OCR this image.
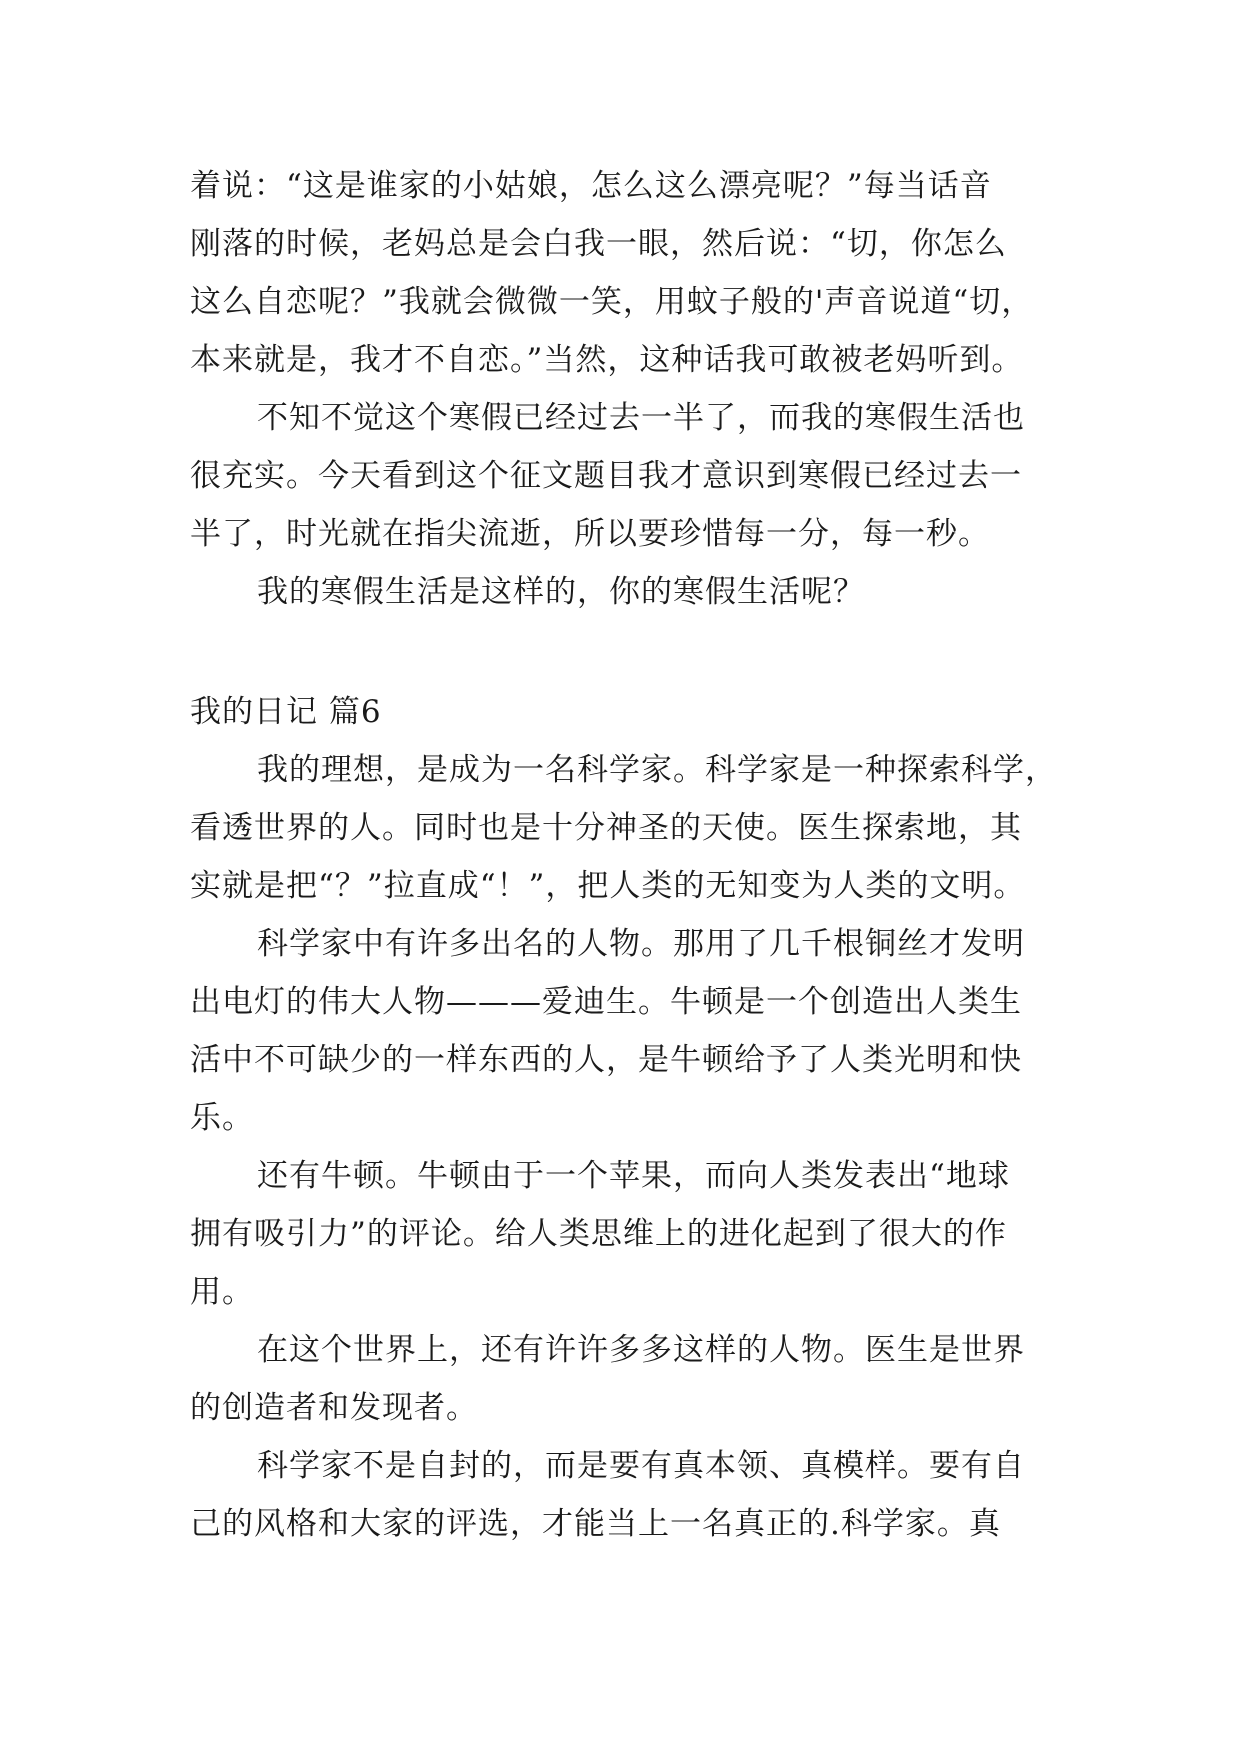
着说：“这是谁家的小姑娘，怎么这么漂亮呢？”每当话音
刚落的时候，老妈总是会白我一眼，然后说：“切，你怎么
这么自恋呢？”我就会微微一笑，用蚊子般的'声音说道“切，
本来就是，我才不自恋。”当然，这种话我可敢被老妈听到。
不知不觉这个寒假已经过去一半了，而我的寒假生活也
很充实。今天看到这个征文题目我才意识到寒假已经过去一
半了，时光就在指尖流逝，所以要珍惜每一分，每一秒。
我的寒假生活是这样的，你的寒假生活呢？
我的日记 篇6
我的理想，是成为一名科学家。科学家是一种探索科学，
看透世界的人。同时也是十分神圣的天使。医生探索地，其
实就是把“？”拉直成“！”，把人类的无知变为人类的文明。
科学家中有许多出名的人物。那用了几千根铜丝才发明
出电灯的伟大人物———爱迪生。牛顿是一个创造出人类生
活中不可缺少的一样东西的人，是牛顿给予了人类光明和快
乐。
还有牛顿。牛顿由于一个苹果，而向人类发表出“地球
拥有吸引力”的评论。给人类思维上的进化起到了很大的作
用。
在这个世界上，还有许许多多这样的人物。医生是世界
的创造者和发现者。
科学家不是自封的，而是要有真本领、真模样。要有自
己的风格和大家的评选，才能当上一名真正的.科学家。真
